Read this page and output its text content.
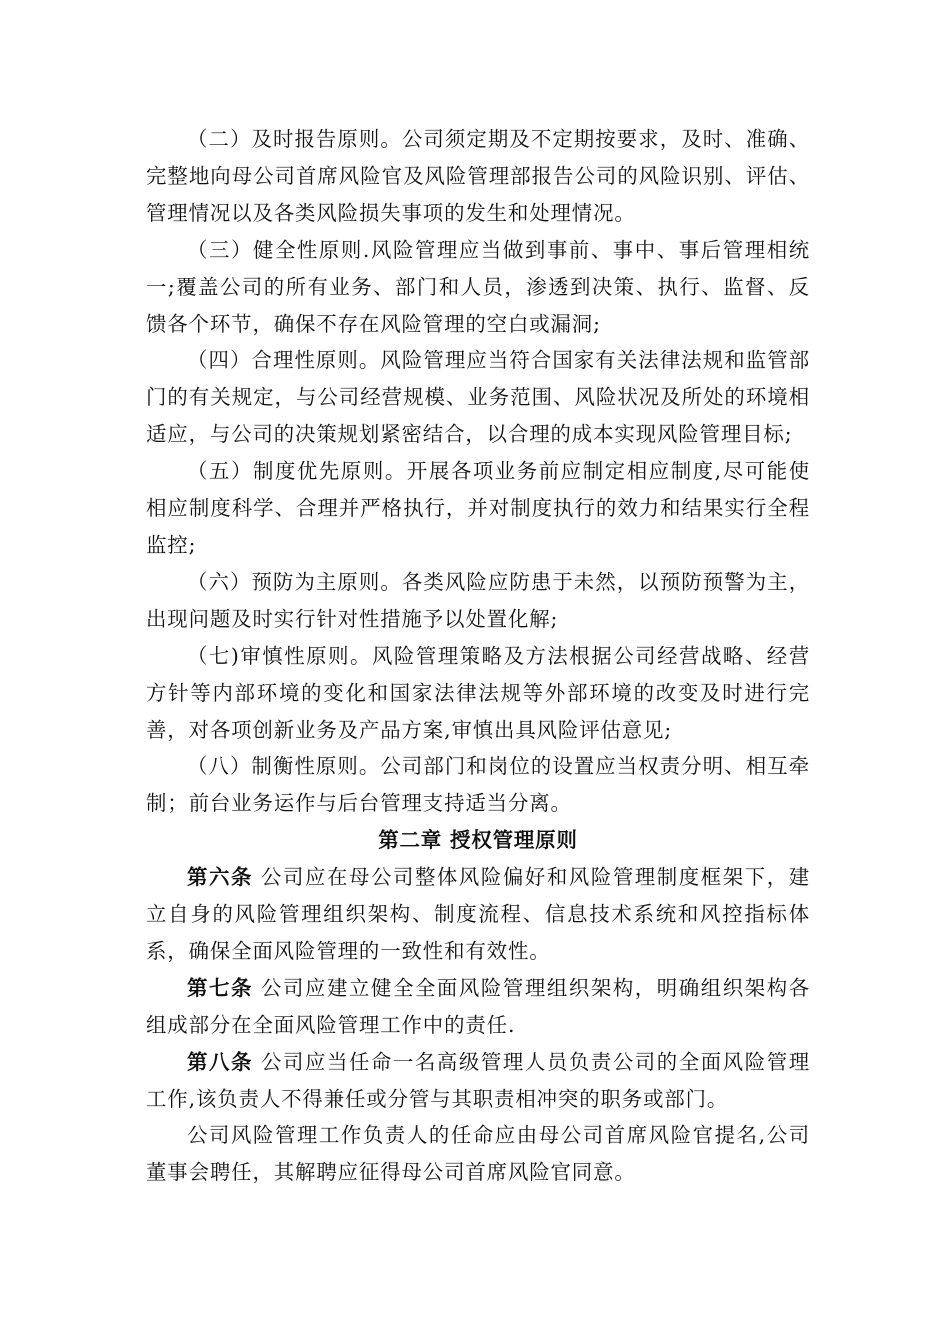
（二）及时报告原则。公司须定期及不定期按要求，及时、准确、完整地向母公司首席风险官及风险管理部报告公司的风险识别、评估、管理情况以及各类风险损失事项的发生和处理情况。

（三）健全性原则.风险管理应当做到事前、事中、事后管理相统一;覆盖公司的所有业务、部门和人员，渗透到决策、执行、监督、反馈各个环节，确保不存在风险管理的空白或漏洞;

（四）合理性原则。风险管理应当符合国家有关法律法规和监管部门的有关规定，与公司经营规模、业务范围、风险状况及所处的环境相适应，与公司的决策规划紧密结合，以合理的成本实现风险管理目标;

（五）制度优先原则。开展各项业务前应制定相应制度,尽可能使相应制度科学、合理并严格执行，并对制度执行的效力和结果实行全程监控;

（六）预防为主原则。各类风险应防患于未然，以预防预警为主，出现问题及时实行针对性措施予以处置化解;

（七)审慎性原则。风险管理策略及方法根据公司经营战略、经营方针等内部环境的变化和国家法律法规等外部环境的改变及时进行完善，对各项创新业务及产品方案,审慎出具风险评估意见;

（八）制衡性原则。公司部门和岗位的设置应当权责分明、相互牵制；前台业务运作与后台管理支持适当分离。

第二章 授权管理原则

第六条 公司应在母公司整体风险偏好和风险管理制度框架下，建立自身的风险管理组织架构、制度流程、信息技术系统和风控指标体系，确保全面风险管理的一致性和有效性。

第七条 公司应建立健全全面风险管理组织架构，明确组织架构各组成部分在全面风险管理工作中的责任.

第八条 公司应当任命一名高级管理人员负责公司的全面风险管理工作,该负责人不得兼任或分管与其职责相冲突的职务或部门。

公司风险管理工作负责人的任命应由母公司首席风险官提名,公司董事会聘任，其解聘应征得母公司首席风险官同意。
